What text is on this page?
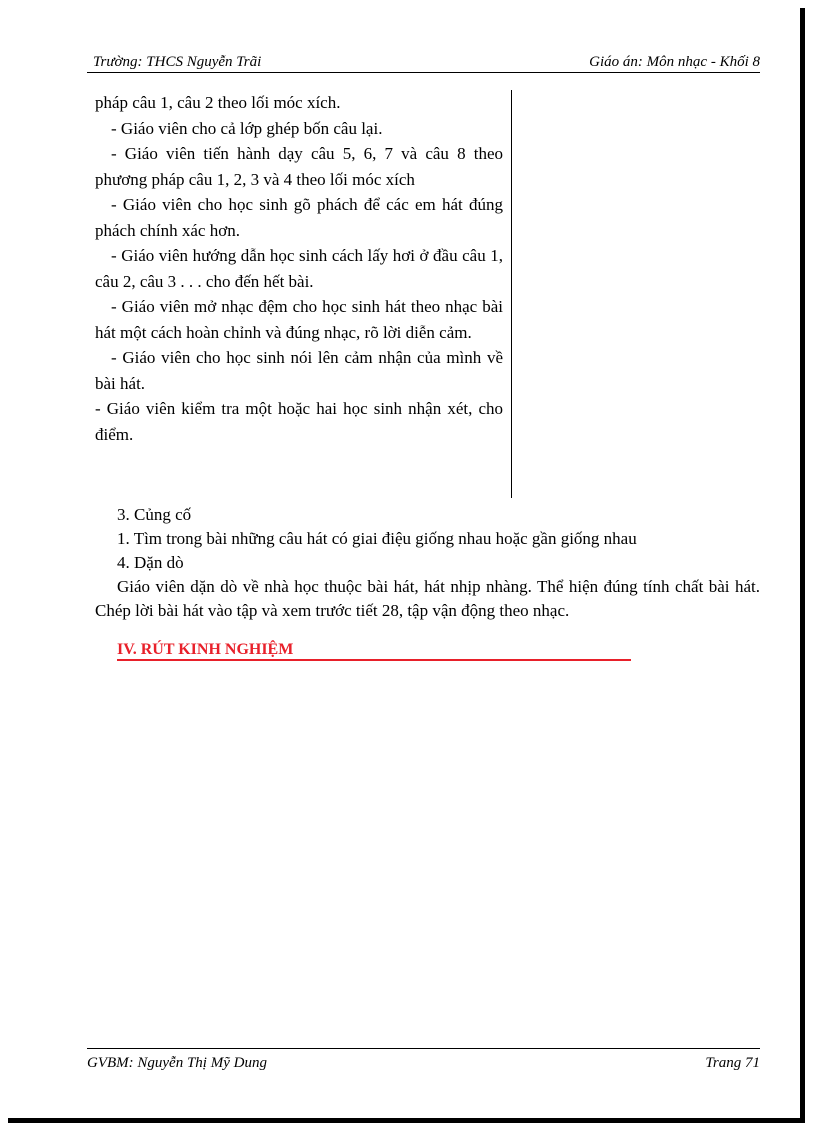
Trường: THCS Nguyễn Trãi	Giáo án: Môn nhạc - Khối 8

pháp câu 1, câu 2 theo lối móc xích.

- Giáo viên cho cả lớp ghép bốn câu lại.

- Giáo viên tiến hành dạy câu 5, 6, 7 và câu 8 theo phương pháp câu 1, 2, 3 và 4 theo lối móc xích

- Giáo viên cho học sinh gõ phách để các em hát đúng phách chính xác hơn.

- Giáo viên hướng dẫn học sinh cách lấy hơi ở đầu câu 1, câu 2, câu 3 . . . cho đến hết bài.

- Giáo viên mở nhạc đệm cho học sinh hát theo nhạc bài hát một cách hoàn chỉnh và đúng nhạc, rõ lời diễn cảm.

- Giáo viên cho học sinh nói lên cảm nhận của mình về bài hát.

- Giáo viên kiểm tra một hoặc hai học sinh nhận xét, cho điểm.

3. Củng cố

1. Tìm trong bài những câu hát có giai điệu giống nhau hoặc gần giống nhau

4. Dặn dò

Giáo viên dặn dò về nhà học thuộc bài hát, hát nhịp nhàng. Thể hiện đúng tính chất bài hát. Chép lời bài hát vào tập và xem trước tiết 28, tập vận động theo nhạc.

IV. RÚT KINH NGHIỆM
GVBM: Nguyễn Thị Mỹ Dung	Trang 71
